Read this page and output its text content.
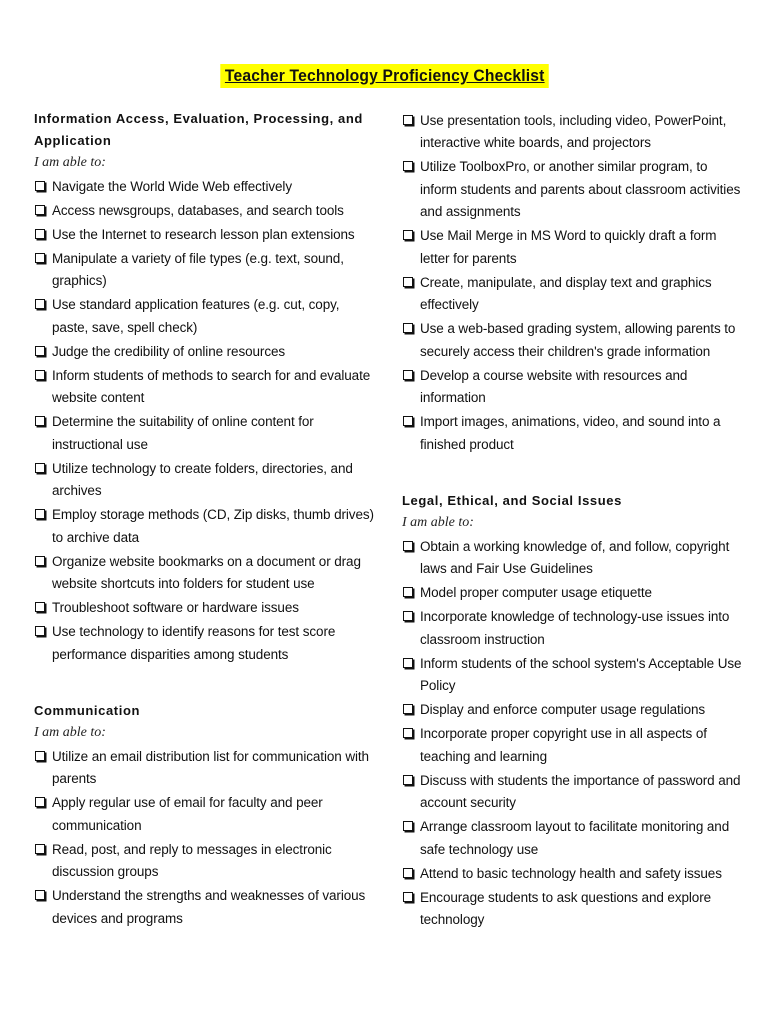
Teacher Technology Proficiency Checklist
Information Access, Evaluation, Processing, and Application
I am able to:
Navigate the World Wide Web effectively
Access newsgroups, databases, and search tools
Use the Internet to research lesson plan extensions
Manipulate a variety of file types (e.g. text, sound, graphics)
Use standard application features (e.g. cut, copy, paste, save, spell check)
Judge the credibility of online resources
Inform students of methods to search for and evaluate website content
Determine the suitability of online content for instructional use
Utilize technology to create folders, directories, and archives
Employ storage methods (CD, Zip disks, thumb drives) to archive data
Organize website bookmarks on a document or drag website shortcuts into folders for student use
Troubleshoot software or hardware issues
Use technology to identify reasons for test score performance disparities among students
Communication
I am able to:
Utilize an email distribution list for communication with parents
Apply regular use of email for faculty and peer communication
Read, post, and reply to messages in electronic discussion groups
Understand the strengths and weaknesses of various devices and programs
Use presentation tools, including video, PowerPoint, interactive white boards, and projectors
Utilize ToolboxPro, or another similar program, to inform students and parents about classroom activities and assignments
Use Mail Merge in MS Word to quickly draft a form letter for parents
Create, manipulate, and display text and graphics effectively
Use a web-based grading system, allowing parents to securely access their children's grade information
Develop a course website with resources and information
Import images, animations, video, and sound into a finished product
Legal, Ethical, and Social Issues
I am able to:
Obtain a working knowledge of, and follow, copyright laws and Fair Use Guidelines
Model proper computer usage etiquette
Incorporate knowledge of technology-use issues into classroom instruction
Inform students of the school system's Acceptable Use Policy
Display and enforce computer usage regulations
Incorporate proper copyright use in all aspects of teaching and learning
Discuss with students the importance of password and account security
Arrange classroom layout to facilitate monitoring and safe technology use
Attend to basic technology health and safety issues
Encourage students to ask questions and explore technology
